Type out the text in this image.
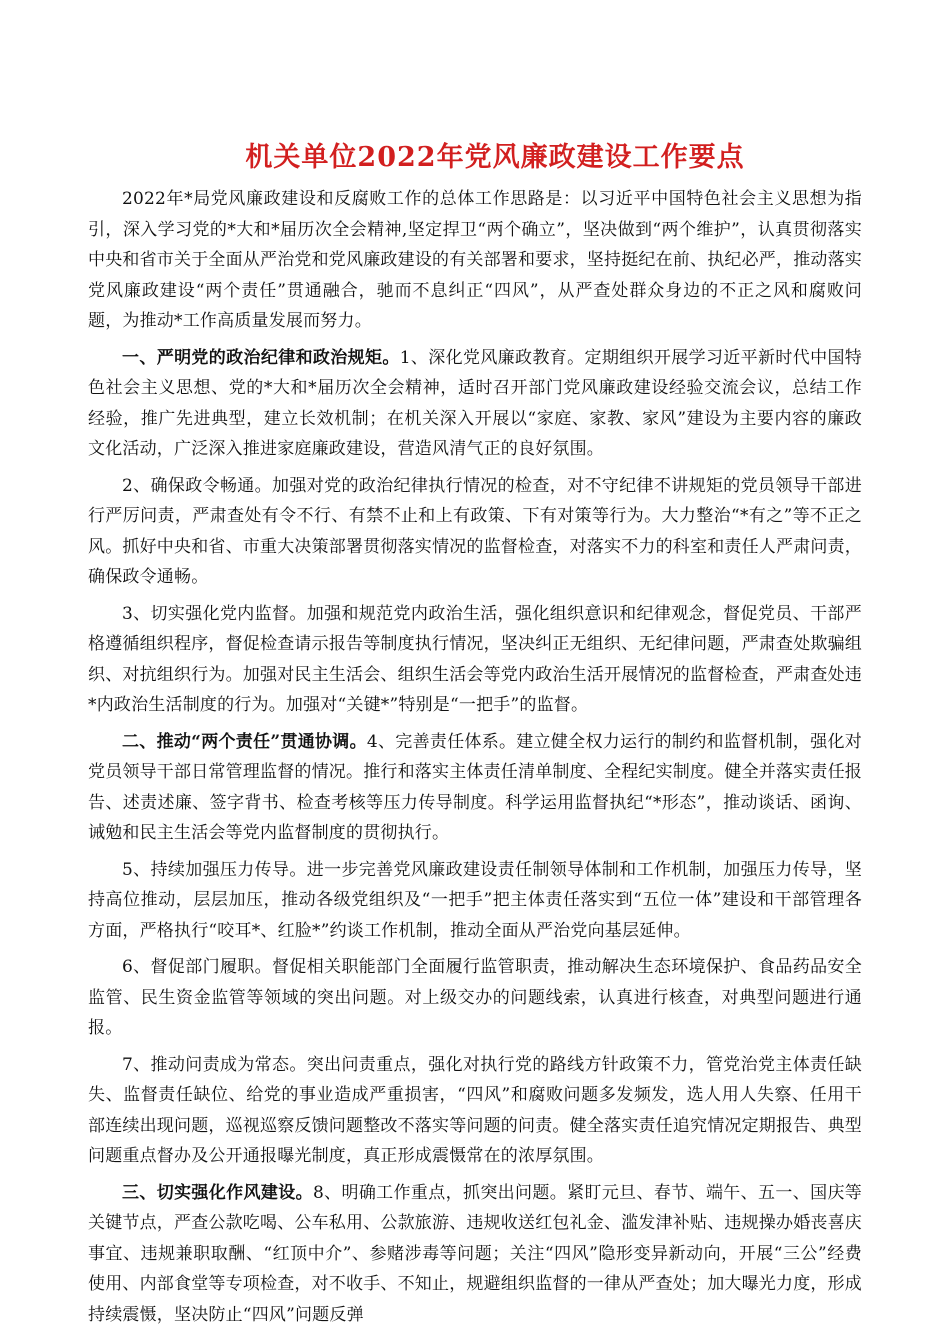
机关单位2022年党风廉政建设工作要点

2022年*局党风廉政建设和反腐败工作的总体工作思路是：以习近平中国特色社会主义思想为指引，深入学习党的*大和*届历次全会精神,坚定捍卫“两个确立”，坚决做到“两个维护”，认真贯彻落实中央和省市关于全面从严治党和党风廉政建设的有关部署和要求，坚持挺纪在前、执纪必严，推动落实党风廉政建设“两个责任”贯通融合，驰而不息纠正“四风”，从严查处群众身边的不正之风和腐败问题，为推动*工作高质量发展而努力。

一、严明党的政治纪律和政治规矩。1、深化党风廉政教育。定期组织开展学习近平新时代中国特色社会主义思想、党的*大和*届历次全会精神，适时召开部门党风廉政建设经验交流会议，总结工作经验，推广先进典型，建立长效机制；在机关深入开展以“家庭、家教、家风”建设为主要内容的廉政文化活动，广泛深入推进家庭廉政建设，营造风清气正的良好氛围。

2、确保政令畅通。加强对党的政治纪律执行情况的检查，对不守纪律不讲规矩的党员领导干部进行严厉问责，严肃查处有令不行、有禁不止和上有政策、下有对策等行为。大力整治“*有之”等不正之风。抓好中央和省、市重大决策部署贯彻落实情况的监督检查，对落实不力的科室和责任人严肃问责，确保政令通畅。

3、切实强化党内监督。加强和规范党内政治生活，强化组织意识和纪律观念，督促党员、干部严格遵循组织程序，督促检查请示报告等制度执行情况，坚决纠正无组织、无纪律问题，严肃查处欺骗组织、对抗组织行为。加强对民主生活会、组织生活会等党内政治生活开展情况的监督检查，严肃查处违*内政治生活制度的行为。加强对“关键*”特别是“一把手”的监督。

二、推动“两个责任”贯通协调。4、完善责任体系。建立健全权力运行的制约和监督机制，强化对党员领导干部日常管理监督的情况。推行和落实主体责任清单制度、全程纪实制度。健全并落实责任报告、述责述廉、签字背书、检查考核等压力传导制度。科学运用监督执纪“*形态”，推动谈话、函询、诫勉和民主生活会等党内监督制度的贯彻执行。

5、持续加强压力传导。进一步完善党风廉政建设责任制领导体制和工作机制，加强压力传导，坚持高位推动，层层加压，推动各级党组织及“一把手”把主体责任落实到“五位一体”建设和干部管理各方面，严格执行“咬耳*、红脸*”约谈工作机制，推动全面从严治党向基层延伸。

6、督促部门履职。督促相关职能部门全面履行监管职责，推动解决生态环境保护、食品药品安全监管、民生资金监管等领域的突出问题。对上级交办的问题线索，认真进行核查，对典型问题进行通报。

7、推动问责成为常态。突出问责重点，强化对执行党的路线方针政策不力，管党治党主体责任缺失、监督责任缺位、给党的事业造成严重损害，“四风”和腐败问题多发频发，选人用人失察、任用干部连续出现问题，巡视巡察反馈问题整改不落实等问题的问责。健全落实责任追究情况定期报告、典型问题重点督办及公开通报曝光制度，真正形成震慑常在的浓厚氛围。

三、切实强化作风建设。8、明确工作重点，抓突出问题。紧盯元旦、春节、端午、五一、国庆等关键节点，严查公款吃喝、公车私用、公款旅游、违规收送红包礼金、滥发津补贴、违规操办婚丧喜庆事宜、违规兼职取酬、“红顶中介”、参赌涉毒等问题；关注“四风”隐形变异新动向，开展“三公”经费使用、内部食堂等专项检查，对不收手、不知止，规避组织监督的一律从严查处；加大曝光力度，形成持续震慑，坚决防止“四风”问题反弹
